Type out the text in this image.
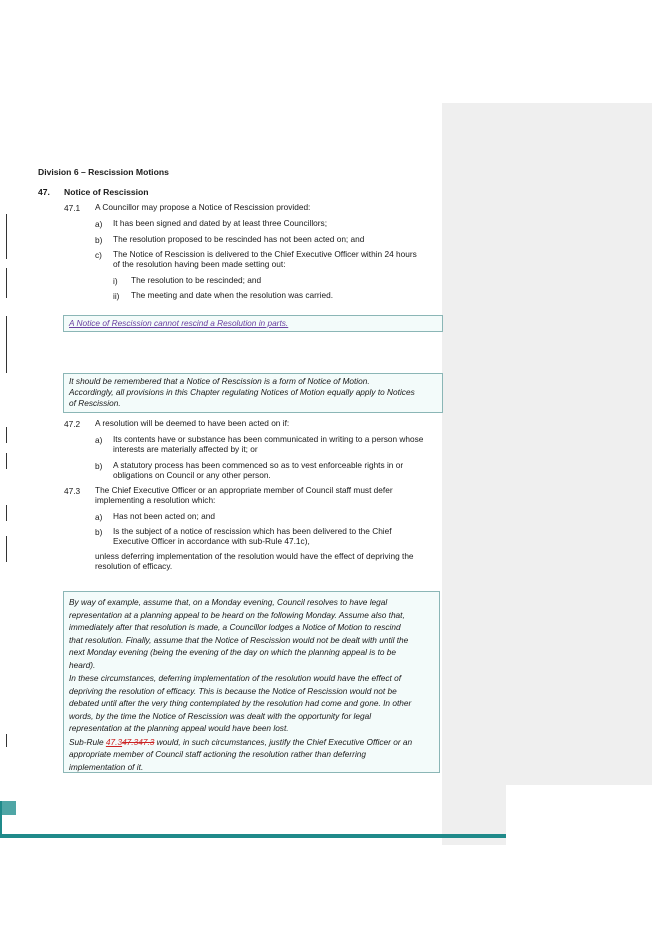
Division 6 – Rescission Motions
47. Notice of Rescission
47.1 A Councillor may propose a Notice of Rescission provided:
a) It has been signed and dated by at least three Councillors;
b) The resolution proposed to be rescinded has not been acted on; and
c) The Notice of Rescission is delivered to the Chief Executive Officer within 24 hours
of the resolution having been made setting out:
i) The resolution to be rescinded; and
ii) The meeting and date when the resolution was carried.
A Notice of Rescission cannot rescind a Resolution in parts.
It should be remembered that a Notice of Rescission is a form of Notice of Motion.
Accordingly, all provisions in this Chapter regulating Notices of Motion equally apply to Notices
of Rescission.
47.2 A resolution will be deemed to have been acted on if:
a) Its contents have or substance has been communicated in writing to a person whose
interests are materially affected by it; or
b) A statutory process has been commenced so as to vest enforceable rights in or
obligations on Council or any other person.
47.3 The Chief Executive Officer or an appropriate member of Council staff must defer
implementing a resolution which:
a) Has not been acted on; and
b) Is the subject of a notice of rescission which has been delivered to the Chief
Executive Officer in accordance with sub-Rule 47.1c),
unless deferring implementation of the resolution would have the effect of depriving the
resolution of efficacy.
By way of example, assume that, on a Monday evening, Council resolves to have legal
representation at a planning appeal to be heard on the following Monday. Assume also that,
immediately after that resolution is made, a Councillor lodges a Notice of Motion to rescind
that resolution. Finally, assume that the Notice of Rescission would not be dealt with until the
next Monday evening (being the evening of the day on which the planning appeal is to be
heard).
In these circumstances, deferring implementation of the resolution would have the effect of
depriving the resolution of efficacy. This is because the Notice of Rescission would not be
debated until after the very thing contemplated by the resolution had come and gone. In other
words, by the time the Notice of Rescission was dealt with the opportunity for legal
representation at the planning appeal would have been lost.
Sub-Rule 47.347.347.3 would, in such circumstances, justify the Chief Executive Officer or an
appropriate member of Council staff actioning the resolution rather than deferring
implementation of it.
